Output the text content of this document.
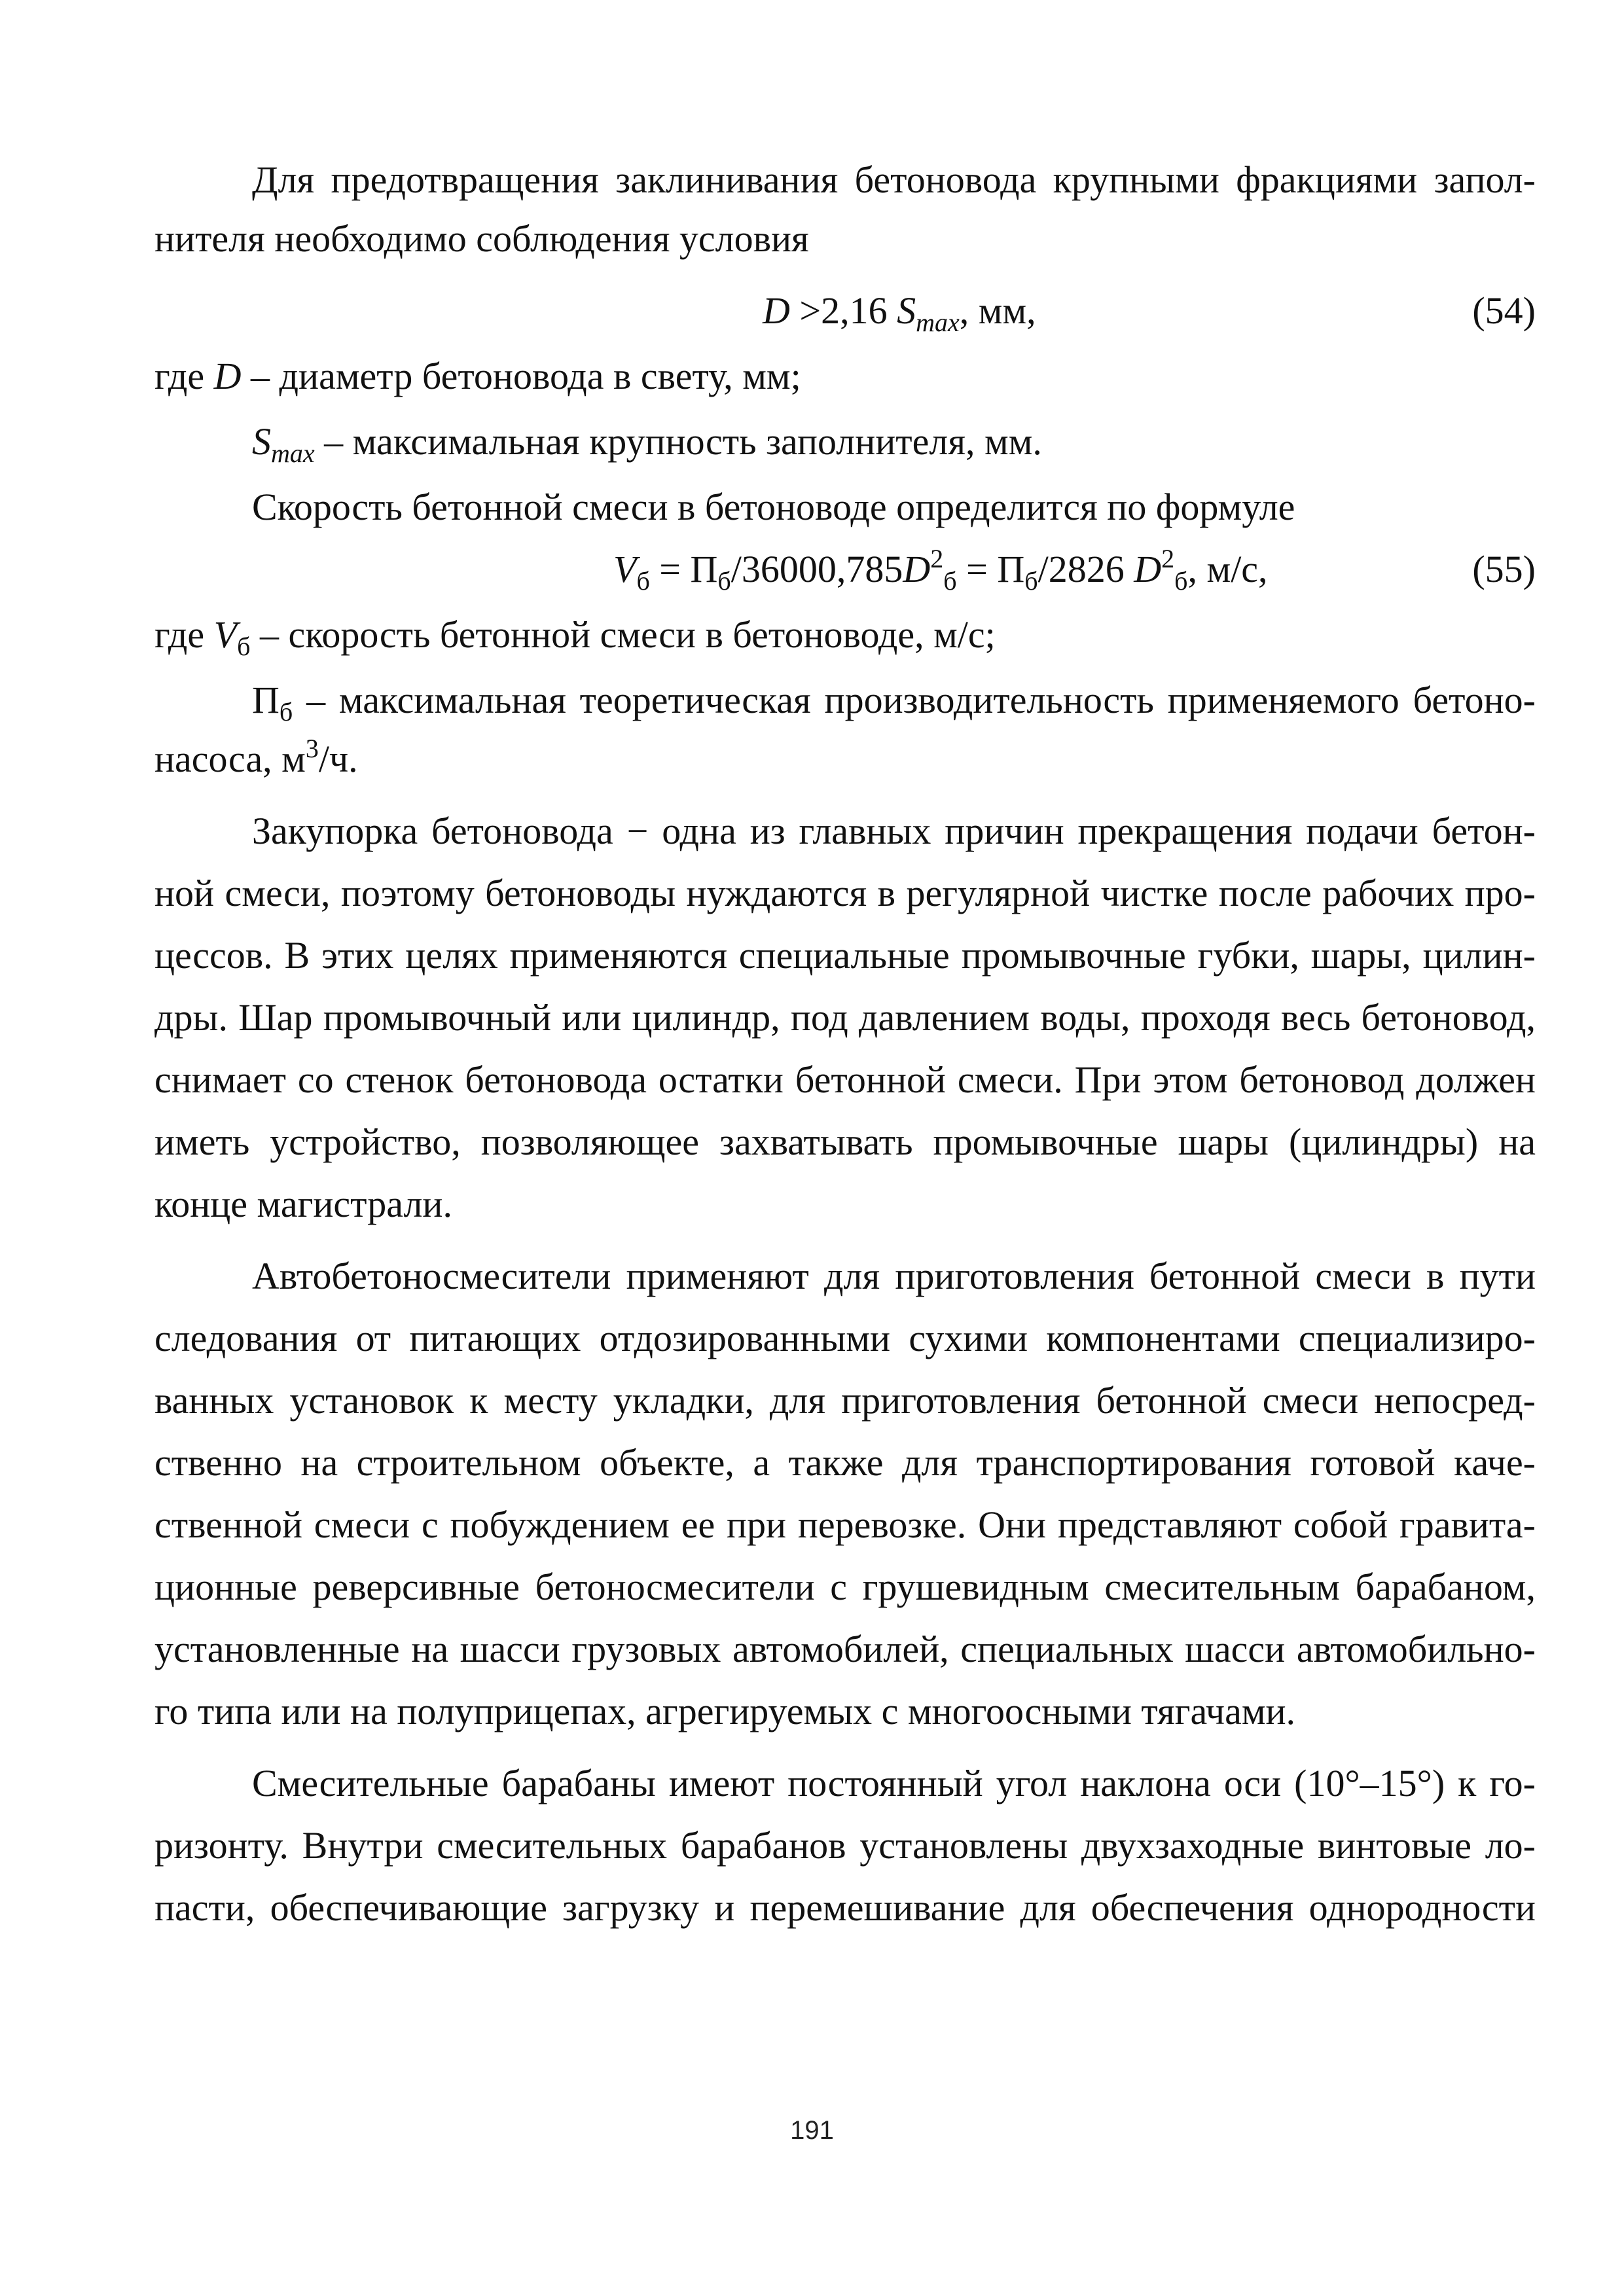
Для предотвращения заклинивания бетоновода крупными фракциями запол-
нителя необходимо соблюдения условия
D >2,16 $S_{max}$, мм,	(54)
где D – диаметр бетоновода в свету, мм;
$S_{max}$ – максимальная крупность заполнителя, мм.
Скорость бетонной смеси в бетоноводе определится по формуле
$V_б = П_б/36000,785D^2_б = П_б/2826$ $D^2_б$, м/с,	(55)
где $V_б$ – скорость бетонной смеси в бетоноводе, м/с;
$П_б$ – максимальная теоретическая производительность применяемого бетоно-
насоса, $м^3/ч$.
Закупорка бетоновода − одна из главных причин прекращения подачи бетон-
ной смеси, поэтому бетоноводы нуждаются в регулярной чистке после рабочих про-
цессов. В этих целях применяются специальные промывочные губки, шары, цилин-
дры. Шар промывочный или цилиндр, под давлением воды, проходя весь бетоновод,
снимает со стенок бетоновода остатки бетонной смеси. При этом бетоновод должен
иметь устройство, позволяющее захватывать промывочные шары (цилиндры) на
конце магистрали.
Автобетоносмесители применяют для приготовления бетонной смеси в пути
следования от питающих отдозированными сухими компонентами специализиро-
ванных установок к месту укладки, для приготовления бетонной смеси непосред-
ственно на строительном объекте, а также для транспортирования готовой каче-
ственной смеси с побуждением ее при перевозке. Они представляют собой гравита-
ционные реверсивные бетоносмесители с грушевидным смесительным барабаном,
установленные на шасси грузовых автомобилей, специальных шасси автомобильно-
го типа или на полуприцепах, агрегируемых с многоосными тягачами.
Смесительные барабаны имеют постоянный угол наклона оси (10°–15°) к го-
ризонту. Внутри смесительных барабанов установлены двухзаходные винтовые ло-
пасти, обеспечивающие загрузку и перемешивание для обеспечения однородности
191
